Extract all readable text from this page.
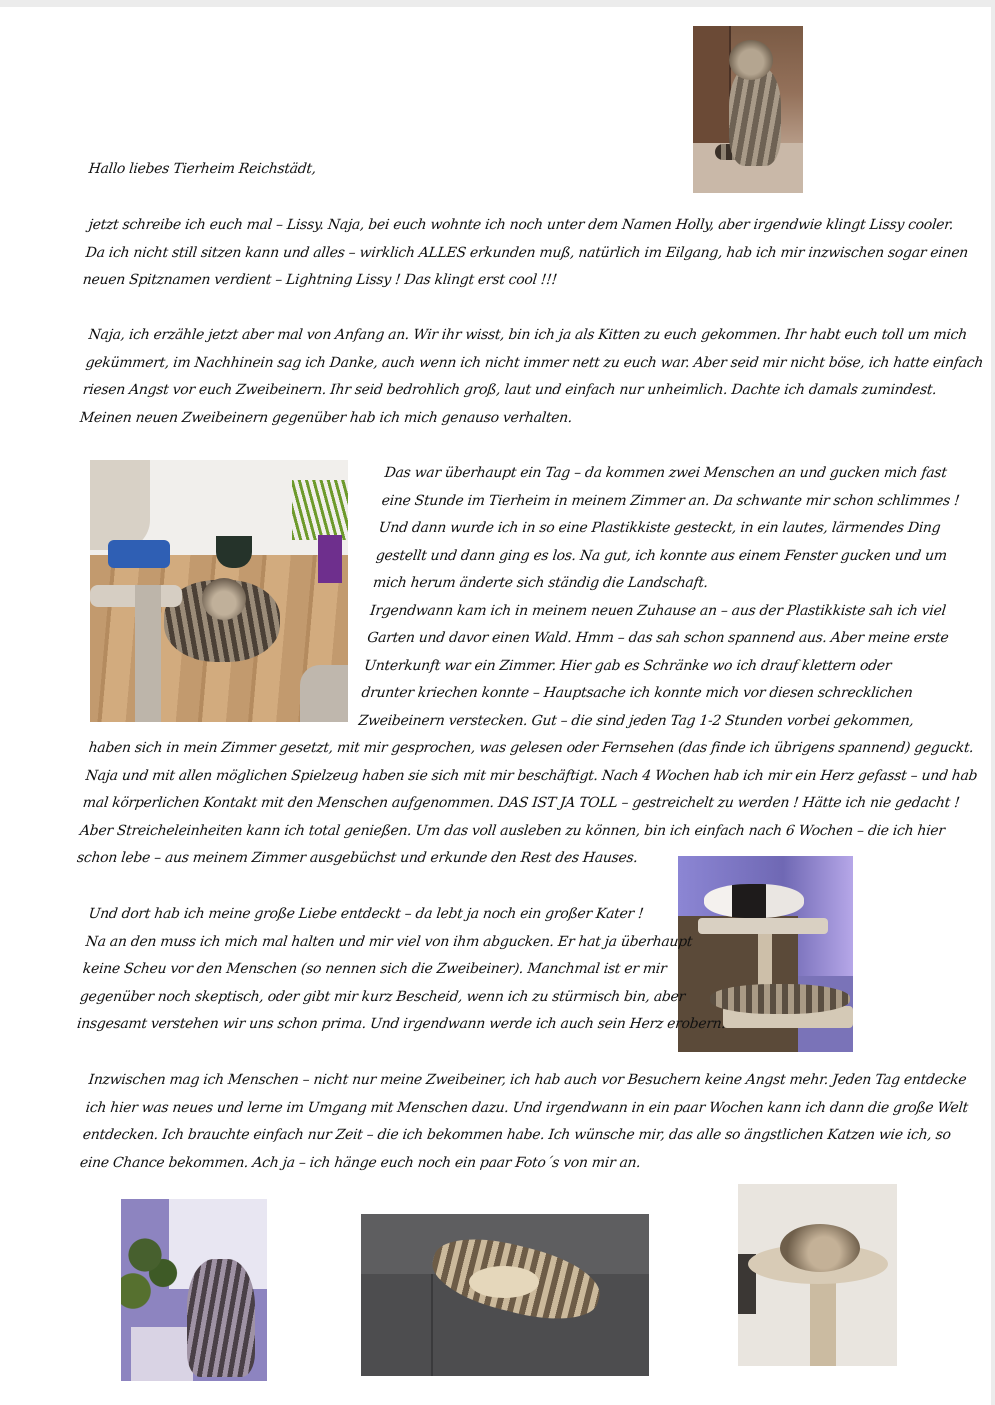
Hallo liebes Tierheim Reichstädt,

jetzt schreibe ich euch mal – Lissy. Naja, bei euch wohnte ich noch unter dem Namen Holly, aber irgendwie klingt Lissy cooler.

Da ich nicht still sitzen kann und alles – wirklich ALLES erkunden muß, natürlich im Eilgang, hab ich mir inzwischen sogar einen

neuen Spitznamen verdient – Lightning Lissy ! Das klingt erst cool !!!

Naja, ich erzähle jetzt aber mal von Anfang an. Wir ihr wisst, bin ich ja als Kitten zu euch gekommen. Ihr habt euch toll um mich

gekümmert, im Nachhinein sag ich Danke, auch wenn ich nicht immer nett zu euch war. Aber seid mir nicht böse, ich hatte einfach

riesen Angst vor euch Zweibeinern. Ihr seid bedrohlich groß, laut und einfach nur unheimlich. Dachte ich damals zumindest.

Meinen neuen Zweibeinern gegenüber hab ich mich genauso verhalten.

Das war überhaupt ein Tag – da kommen zwei Menschen an und gucken mich fast

eine Stunde im Tierheim in meinem Zimmer an. Da schwante mir schon schlimmes !

Und dann wurde ich in so eine Plastikkiste gesteckt, in ein lautes, lärmendes Ding

gestellt und dann ging es los. Na gut, ich konnte aus einem Fenster gucken und um

mich herum änderte sich ständig die Landschaft.

Irgendwann kam ich in meinem neuen Zuhause an – aus der Plastikkiste sah ich viel

Garten und davor einen Wald. Hmm – das sah schon spannend aus. Aber meine erste

Unterkunft war ein Zimmer. Hier gab es Schränke wo ich drauf klettern oder

drunter kriechen konnte – Hauptsache ich konnte mich vor diesen schrecklichen

Zweibeinern verstecken. Gut – die sind jeden Tag 1-2 Stunden vorbei gekommen,

haben sich in mein Zimmer gesetzt, mit mir gesprochen, was gelesen oder Fernsehen (das finde ich übrigens spannend) geguckt.

Naja und mit allen möglichen Spielzeug haben sie sich mit mir beschäftigt. Nach 4 Wochen hab ich mir ein Herz gefasst – und hab

mal körperlichen Kontakt mit den Menschen aufgenommen. DAS IST JA TOLL – gestreichelt zu werden ! Hätte ich nie gedacht !

Aber Streicheleinheiten kann ich total genießen. Um das voll ausleben zu können, bin ich einfach nach 6 Wochen – die ich hier

schon lebe – aus meinem Zimmer ausgebüchst und erkunde den Rest des Hauses.

Und dort hab ich meine große Liebe entdeckt – da lebt ja noch ein großer Kater !

Na an den muss ich mich mal halten und mir viel von ihm abgucken. Er hat ja überhaupt

keine Scheu vor den Menschen (so nennen sich die Zweibeiner). Manchmal ist er mir

gegenüber noch skeptisch, oder gibt mir kurz Bescheid, wenn ich zu stürmisch bin, aber

insgesamt verstehen wir uns schon prima. Und irgendwann werde ich auch sein Herz erobern.

Inzwischen mag ich Menschen – nicht nur meine Zweibeiner, ich hab auch vor Besuchern keine Angst mehr. Jeden Tag entdecke

ich hier was neues und lerne im Umgang mit Menschen dazu. Und irgendwann in ein paar Wochen kann ich dann die große Welt

entdecken. Ich brauchte einfach nur Zeit – die ich bekommen habe. Ich wünsche mir, das alle so ängstlichen Katzen wie ich, so

eine Chance bekommen. Ach ja – ich hänge euch noch ein paar Foto´s von mir an.
